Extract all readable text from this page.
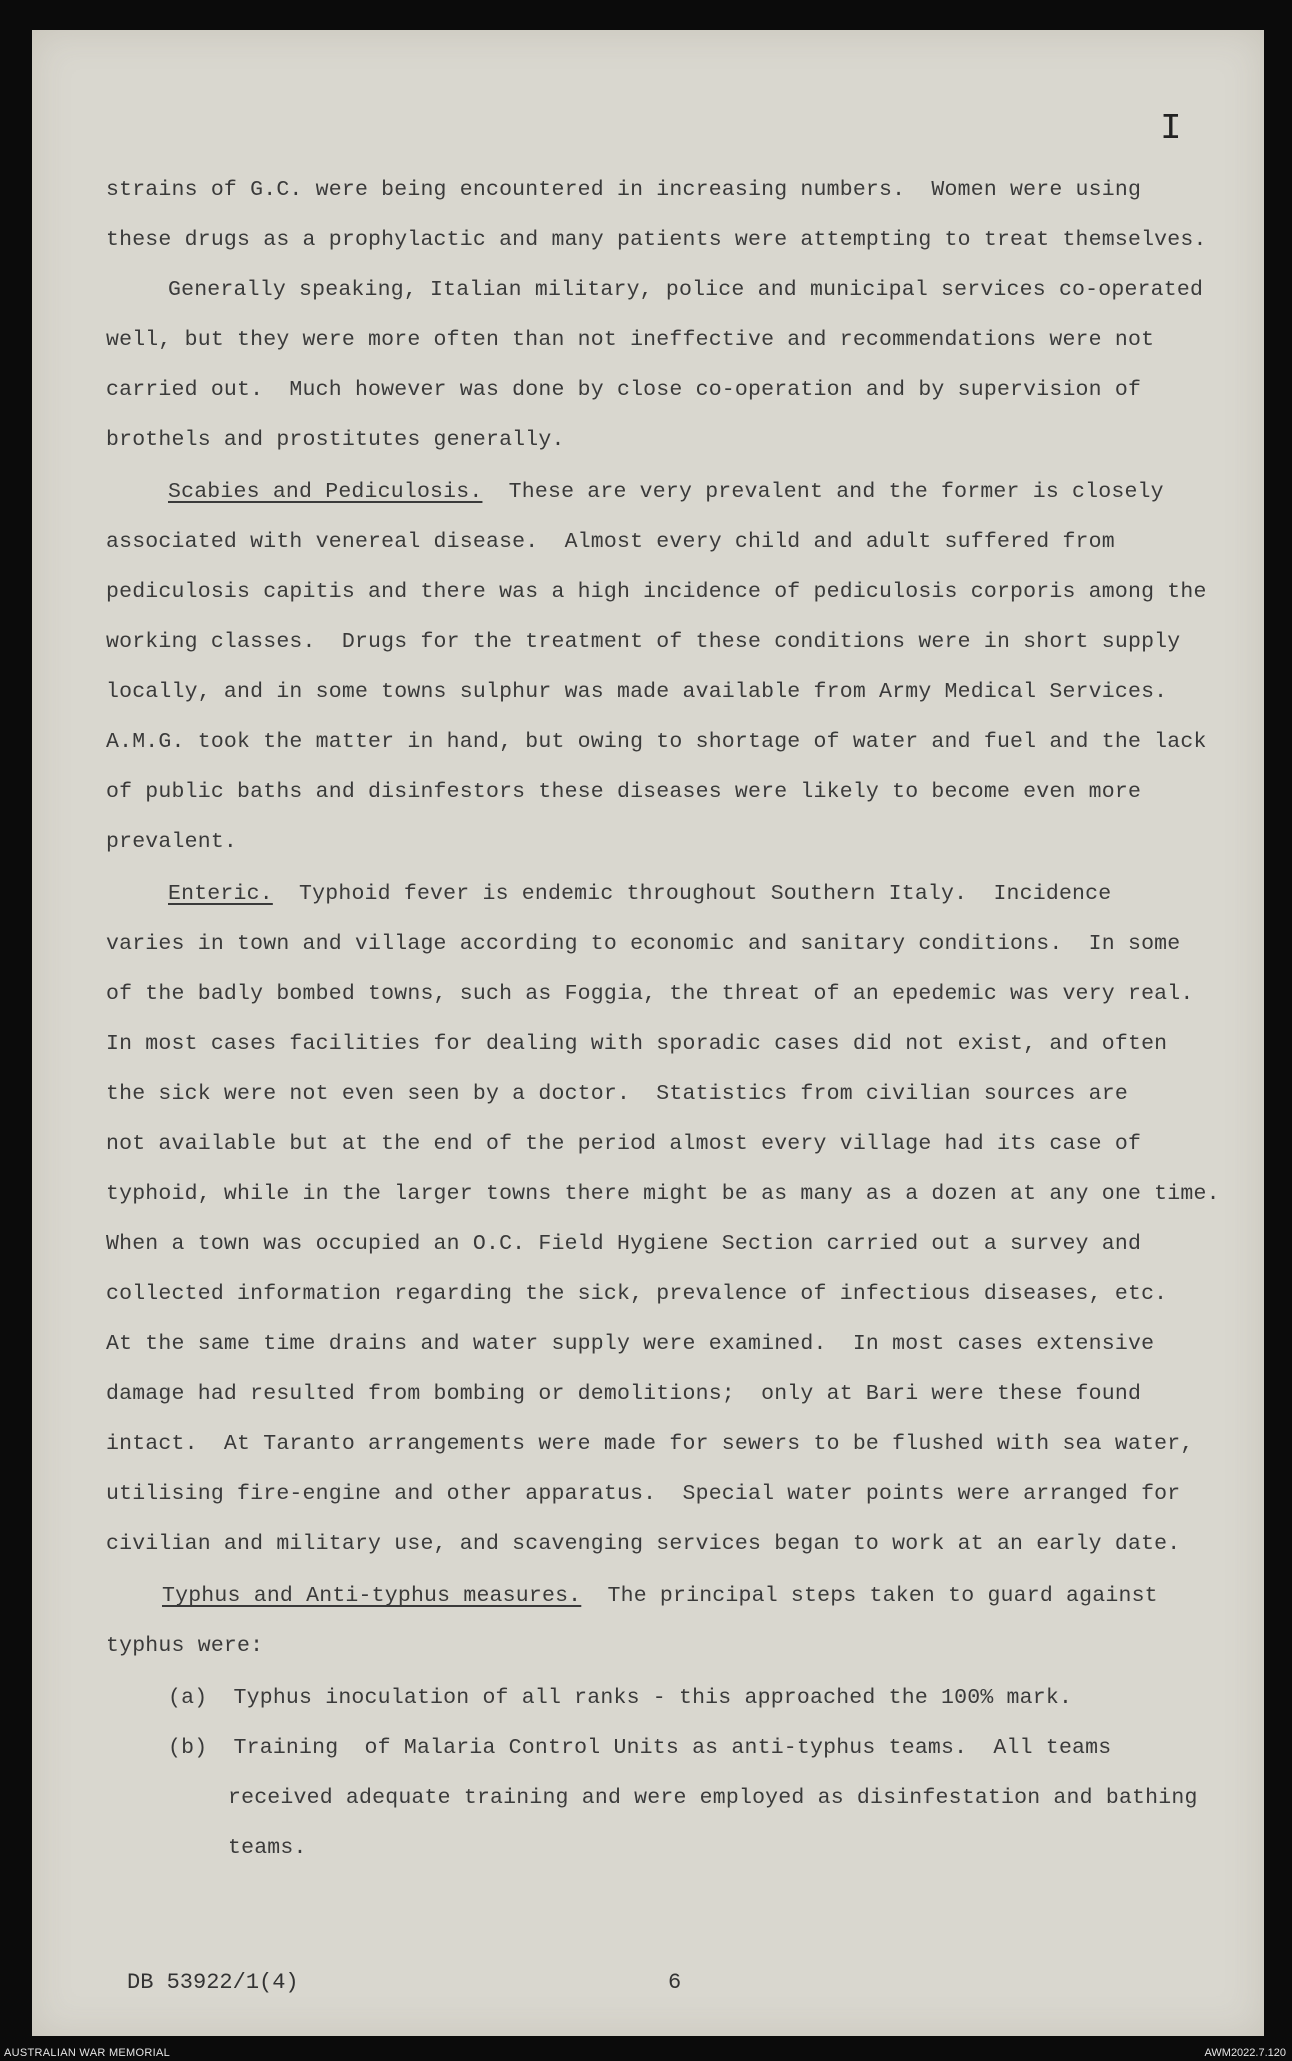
I
strains of G.C. were being encountered in increasing numbers.  Women were using
these drugs as a prophylactic and many patients were attempting to treat themselves.
Generally speaking, Italian military, police and municipal services co-operated
well, but they were more often than not ineffective and recommendations were not
carried out.  Much however was done by close co-operation and by supervision of
brothels and prostitutes generally.
Scabies and Pediculosis.  These are very prevalent and the former is closely
associated with venereal disease.  Almost every child and adult suffered from
pediculosis capitis and there was a high incidence of pediculosis corporis among the
working classes.  Drugs for the treatment of these conditions were in short supply
locally, and in some towns sulphur was made available from Army Medical Services.
A.M.G. took the matter in hand, but owing to shortage of water and fuel and the lack
of public baths and disinfestors these diseases were likely to become even more
prevalent.
Enteric.  Typhoid fever is endemic throughout Southern Italy.  Incidence
varies in town and village according to economic and sanitary conditions.  In some
of the badly bombed towns, such as Foggia, the threat of an epedemic was very real.
In most cases facilities for dealing with sporadic cases did not exist, and often
the sick were not even seen by a doctor.  Statistics from civilian sources are
not available but at the end of the period almost every village had its case of
typhoid, while in the larger towns there might be as many as a dozen at any one time.
When a town was occupied an O.C. Field Hygiene Section carried out a survey and
collected information regarding the sick, prevalence of infectious diseases, etc.
At the same time drains and water supply were examined.  In most cases extensive
damage had resulted from bombing or demolitions;  only at Bari were these found
intact.  At Taranto arrangements were made for sewers to be flushed with sea water,
utilising fire-engine and other apparatus.  Special water points were arranged for
civilian and military use, and scavenging services began to work at an early date.
Typhus and Anti-typhus measures.  The principal steps taken to guard against
typhus were:
(a)  Typhus inoculation of all ranks - this approached the 100% mark.
(b)  Training  of Malaria Control Units as anti-typhus teams.  All teams
received adequate training and were employed as disinfestation and bathing
teams.
DB 53922/1(4)	6
AUSTRALIAN WAR MEMORIAL	AWM2022.7.120
